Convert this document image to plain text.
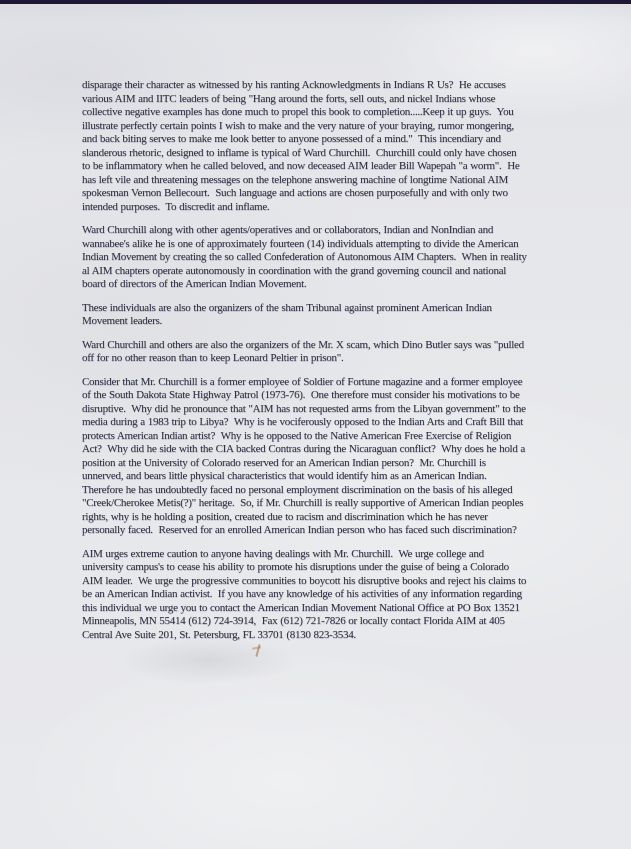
disparage their character as witnessed by his ranting Acknowledgments in Indians R Us?  He accuses
various AIM and IITC leaders of being "Hang around the forts, sell outs, and nickel Indians whose
collective negative examples has done much to propel this book to completion.....Keep it up guys.  You
illustrate perfectly certain points I wish to make and the very nature of your braying, rumor mongering,
and back biting serves to make me look better to anyone possessed of a mind."  This incendiary and
slanderous rhetoric, designed to inflame is typical of Ward Churchill.  Churchill could only have chosen
to be inflammatory when he called beloved, and now deceased AIM leader Bill Wapepah "a worm".  He
has left vile and threatening messages on the telephone answering machine of longtime National AIM
spokesman Vernon Bellecourt.  Such language and actions are chosen purposefully and with only two
intended purposes.  To discredit and inflame.
Ward Churchill along with other agents/operatives and or collaborators, Indian and NonIndian and
wannabee's alike he is one of approximately fourteen (14) individuals attempting to divide the American
Indian Movement by creating the so called Confederation of Autonomous AIM Chapters.  When in reality
al AIM chapters operate autonomously in coordination with the grand governing council and national
board of directors of the American Indian Movement.
These individuals are also the organizers of the sham Tribunal against prominent American Indian
Movement leaders.
Ward Churchill and others are also the organizers of the Mr. X scam, which Dino Butler says was "pulled
off for no other reason than to keep Leonard Peltier in prison".
Consider that Mr. Churchill is a former employee of Soldier of Fortune magazine and a former employee
of the South Dakota State Highway Patrol (1973-76).  One therefore must consider his motivations to be
disruptive.  Why did he pronounce that "AIM has not requested arms from the Libyan government" to the
media during a 1983 trip to Libya?  Why is he vociferously opposed to the Indian Arts and Craft Bill that
protects American Indian artist?  Why is he opposed to the Native American Free Exercise of Religion
Act?  Why did he side with the CIA backed Contras during the Nicaraguan conflict?  Why does he hold a
position at the University of Colorado reserved for an American Indian person?  Mr. Churchill is
unnerved, and bears little physical characteristics that would identify him as an American Indian.
Therefore he has undoubtedly faced no personal employment discrimination on the basis of his alleged
"Creek/Cherokee Metis(?)" heritage.  So, if Mr. Churchill is really supportive of American Indian peoples
rights, why is he holding a position, created due to racism and discrimination which he has never
personally faced.  Reserved for an enrolled American Indian person who has faced such discrimination?
AIM urges extreme caution to anyone having dealings with Mr. Churchill.  We urge college and
university campus's to cease his ability to promote his disruptions under the guise of being a Colorado
AIM leader.  We urge the progressive communities to boycott his disruptive books and reject his claims to
be an American Indian activist.  If you have any knowledge of his activities of any information regarding
this individual we urge you to contact the American Indian Movement National Office at PO Box 13521
Minneapolis, MN 55414 (612) 724-3914,  Fax (612) 721-7826 or locally contact Florida AIM at 405
Central Ave Suite 201, St. Petersburg, FL 33701 (8130 823-3534.
